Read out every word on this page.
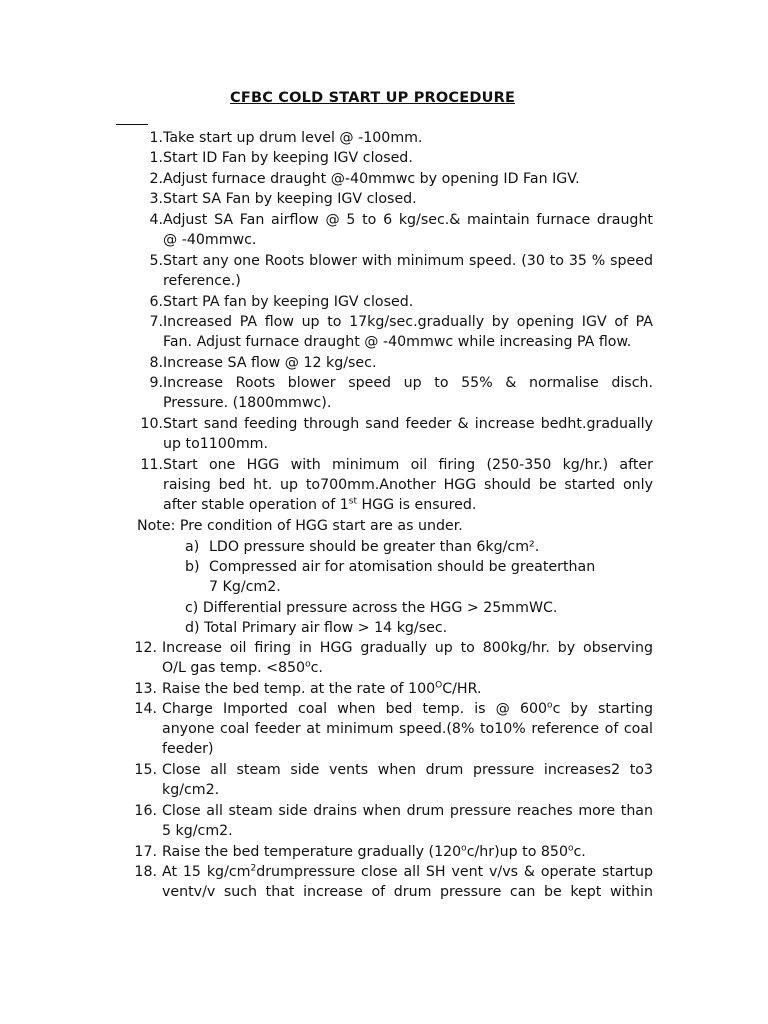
CFBC COLD START UP PROCEDURE
1. Take start up drum level @ -100mm.
1. Start ID Fan by keeping IGV closed.
2. Adjust furnace draught @-40mmwc by opening ID Fan IGV.
3. Start SA Fan by keeping IGV closed.
4. Adjust SA Fan airflow @ 5 to 6 kg/sec.& maintain furnace draught
@ -40mmwc.
5. Start any one Roots blower with minimum speed. (30 to 35 % speed
reference.)
6. Start PA fan by keeping IGV closed.
7. Increased PA flow up to 17kg/sec.gradually by opening IGV of PA
Fan. Adjust furnace draught @ -40mmwc while increasing PA flow.
8. Increase SA flow @ 12 kg/sec.
9. Increase Roots blower speed up to 55% & normalise disch.
Pressure. (1800mmwc).
10. Start sand feeding through sand feeder & increase bedht.gradually
up to1100mm.
11. Start one HGG with minimum oil firing (250-350 kg/hr.) after
raising bed ht. up to700mm.Another HGG should be started only
after stable operation of 1st HGG is ensured.
Note: Pre condition of HGG start are as under.
a) LDO pressure should be greater than 6kg/cm².
b) Compressed air for atomisation should be greaterthan
7 Kg/cm2.
c) Differential pressure across the HGG > 25mmWC.
d) Total Primary air flow > 14 kg/sec.
12. Increase oil firing in HGG gradually up to 800kg/hr. by observing
O/L gas temp. $<850^oc$.
13. Raise the bed temp. at the rate of $100^OC/HR$.
14. Charge Imported coal when bed temp. is @ 600$^o$c by starting
anyone coal feeder at minimum speed.(8% to10% reference of coal
feeder)
15. Close all steam side vents when drum pressure increases2 to3
kg/cm2.
16. Close all steam side drains when drum pressure reaches more than
5 kg/cm2.
17. Raise the bed temperature gradually (120$^o$c/hr)up to 850$^o$c.
18. At 15 $kg/cm^2drumpressure$ close all SH vent v/vs & operate startup
ventv/v such that increase of drum pressure can be kept within
